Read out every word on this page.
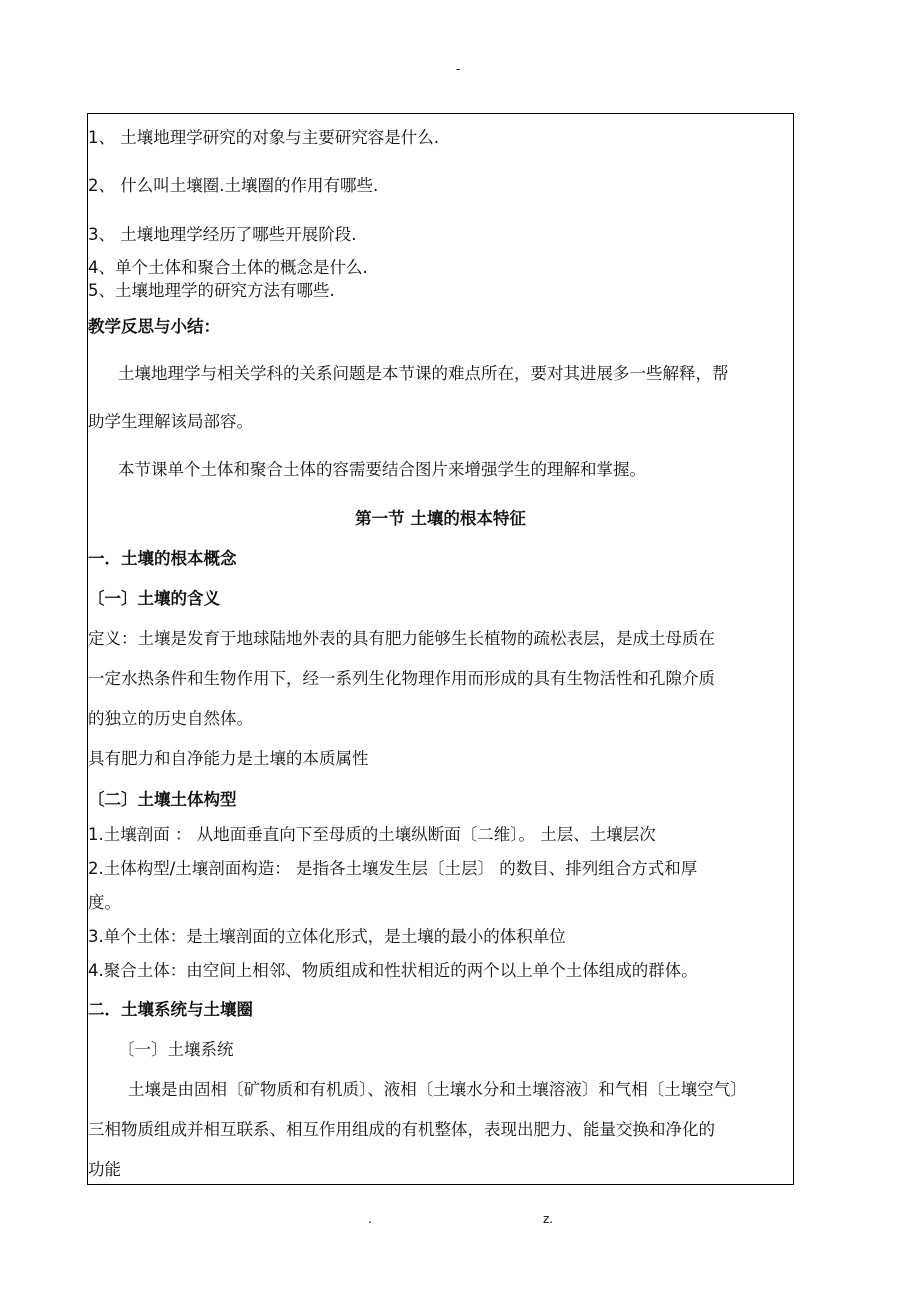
-
1、 土壤地理学研究的对象与主要研究容是什么.
2、 什么叫土壤圈.土壤圈的作用有哪些.
3、 土壤地理学经历了哪些开展阶段.
4、单个土体和聚合土体的概念是什么.
5、土壤地理学的研究方法有哪些.
教学反思与小结：
土壤地理学与相关学科的关系问题是本节课的难点所在，要对其进展多一些解释，帮
助学生理解该局部容。
本节课单个土体和聚合土体的容需要结合图片来增强学生的理解和掌握。
第一节 土壤的根本特征
一．土壤的根本概念
〔一〕土壤的含义
定义：土壤是发育于地球陆地外表的具有肥力能够生长植物的疏松表层，是成土母质在
一定水热条件和生物作用下，经一系列生化物理作用而形成的具有生物活性和孔隙介质
的独立的历史自然体。
具有肥力和自净能力是土壤的本质属性
〔二〕土壤土体构型
1.土壤剖面 ： 从地面垂直向下至母质的土壤纵断面〔二维〕。 土层、土壤层次
2.土体构型/土壤剖面构造： 是指各土壤发生层〔土层〕 的数目、排列组合方式和厚
度。
3.单个土体：是土壤剖面的立体化形式，是土壤的最小的体积单位
4.聚合土体：由空间上相邻、物质组成和性状相近的两个以上单个土体组成的群体。
二．土壤系统与土壤圈
〔一〕土壤系统
土壤是由固相〔矿物质和有机质〕、液相〔土壤水分和土壤溶液〕和气相〔土壤空气〕
三相物质组成并相互联系、相互作用组成的有机整体，表现出肥力、能量交换和净化的
功能
.	z.
